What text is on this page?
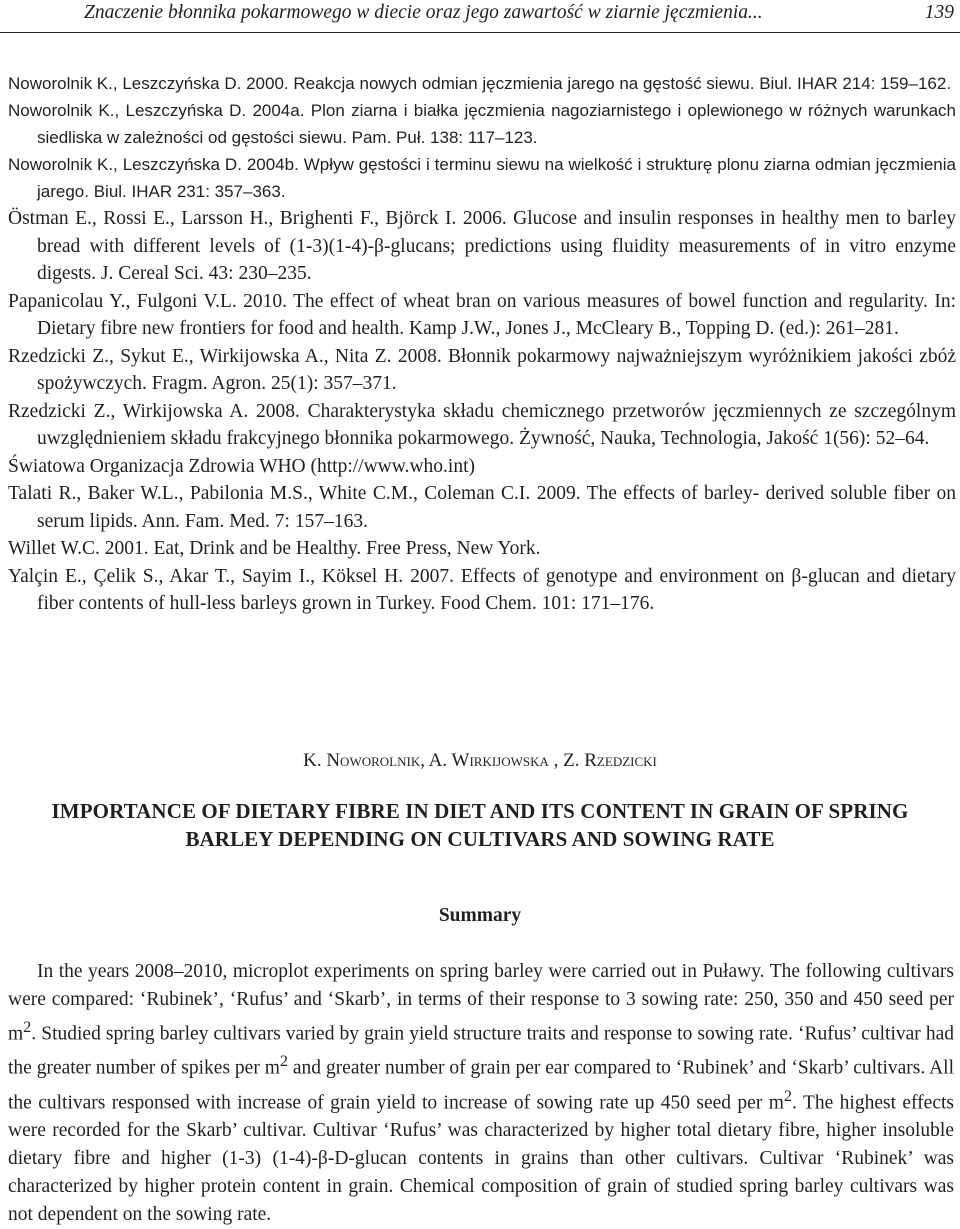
Znaczenie błonnika pokarmowego w diecie oraz jego zawartość w ziarnie jęczmienia...	139
Noworolnik K., Leszczyńska D. 2000. Reakcja nowych odmian jęczmienia jarego na gęstość siewu. Biul. IHAR 214: 159–162.
Noworolnik K., Leszczyńska D. 2004a. Plon ziarna i białka jęczmienia nagoziarnistego i oplewionego w różnych warunkach siedliska w zależności od gęstości siewu. Pam. Puł. 138: 117–123.
Noworolnik K., Leszczyńska D. 2004b. Wpływ gęstości i terminu siewu na wielkość i strukturę plonu ziarna odmian jęczmienia jarego. Biul. IHAR 231: 357–363.
Östman E., Rossi E., Larsson H., Brighenti F., Björck I. 2006. Glucose and insulin responses in healthy men to barley bread with different levels of (1-3)(1-4)-β-glucans; predictions using fluidity measurements of in vitro enzyme digests. J. Cereal Sci. 43: 230–235.
Papanicolau Y., Fulgoni V.L. 2010. The effect of wheat bran on various measures of bowel function and regularity. In: Dietary fibre new frontiers for food and health. Kamp J.W., Jones J., McCleary B., Topping D. (ed.): 261–281.
Rzedzicki Z., Sykut E., Wirkijowska A., Nita Z. 2008. Błonnik pokarmowy najważniejszym wyróżnikiem jakości zbóż spożywczych. Fragm. Agron. 25(1): 357–371.
Rzedzicki Z., Wirkijowska A. 2008. Charakterystyka składu chemicznego przetworów jęczmiennych ze szczególnym uwzględnieniem składu frakcyjnego błonnika pokarmowego. Żywność, Nauka, Technologia, Jakość 1(56): 52–64.
Światowa Organizacja Zdrowia WHO (http://www.who.int)
Talati R., Baker W.L., Pabilonia M.S., White C.M., Coleman C.I. 2009. The effects of barley- derived soluble fiber on serum lipids. Ann. Fam. Med. 7: 157–163.
Willet W.C. 2001. Eat, Drink and be Healthy. Free Press, New York.
Yalçin E., Çelik S., Akar T., Sayim I., Köksel H. 2007. Effects of genotype and environment on β-glucan and dietary fiber contents of hull-less barleys grown in Turkey. Food Chem. 101: 171–176.
K. Noworolnik, A. Wirkijowska , Z. Rzedzicki
IMPORTANCE OF DIETARY FIBRE IN DIET AND ITS CONTENT IN GRAIN OF SPRING
BARLEY DEPENDING ON CULTIVARS AND SOWING RATE
Summary
In the years 2008–2010, microplot experiments on spring barley were carried out in Puławy. The following cultivars were compared: ‘Rubinek’, ‘Rufus’ and ‘Skarb’, in terms of their response to 3 sowing rate: 250, 350 and 450 seed per $m^2$. Studied spring barley cultivars varied by grain yield structure traits and response to sowing rate. ‘Rufus’ cultivar had the greater number of spikes per $m^2$ and greater number of grain per ear compared to ‘Rubinek’ and ‘Skarb’ cultivars. All the cultivars responsed with increase of grain yield to increase of sowing rate up 450 seed per $m^2$. The highest effects were recorded for the Skarb’ cultivar. Cultivar ‘Rufus’ was characterized by higher total dietary fibre, higher insoluble dietary fibre and higher (1-3) (1-4)-β-D-glucan contents in grains than other cultivars. Cultivar ‘Rubinek’ was characterized by higher protein content in grain. Chemical composition of grain of studied spring barley cultivars was not dependent on the sowing rate.
